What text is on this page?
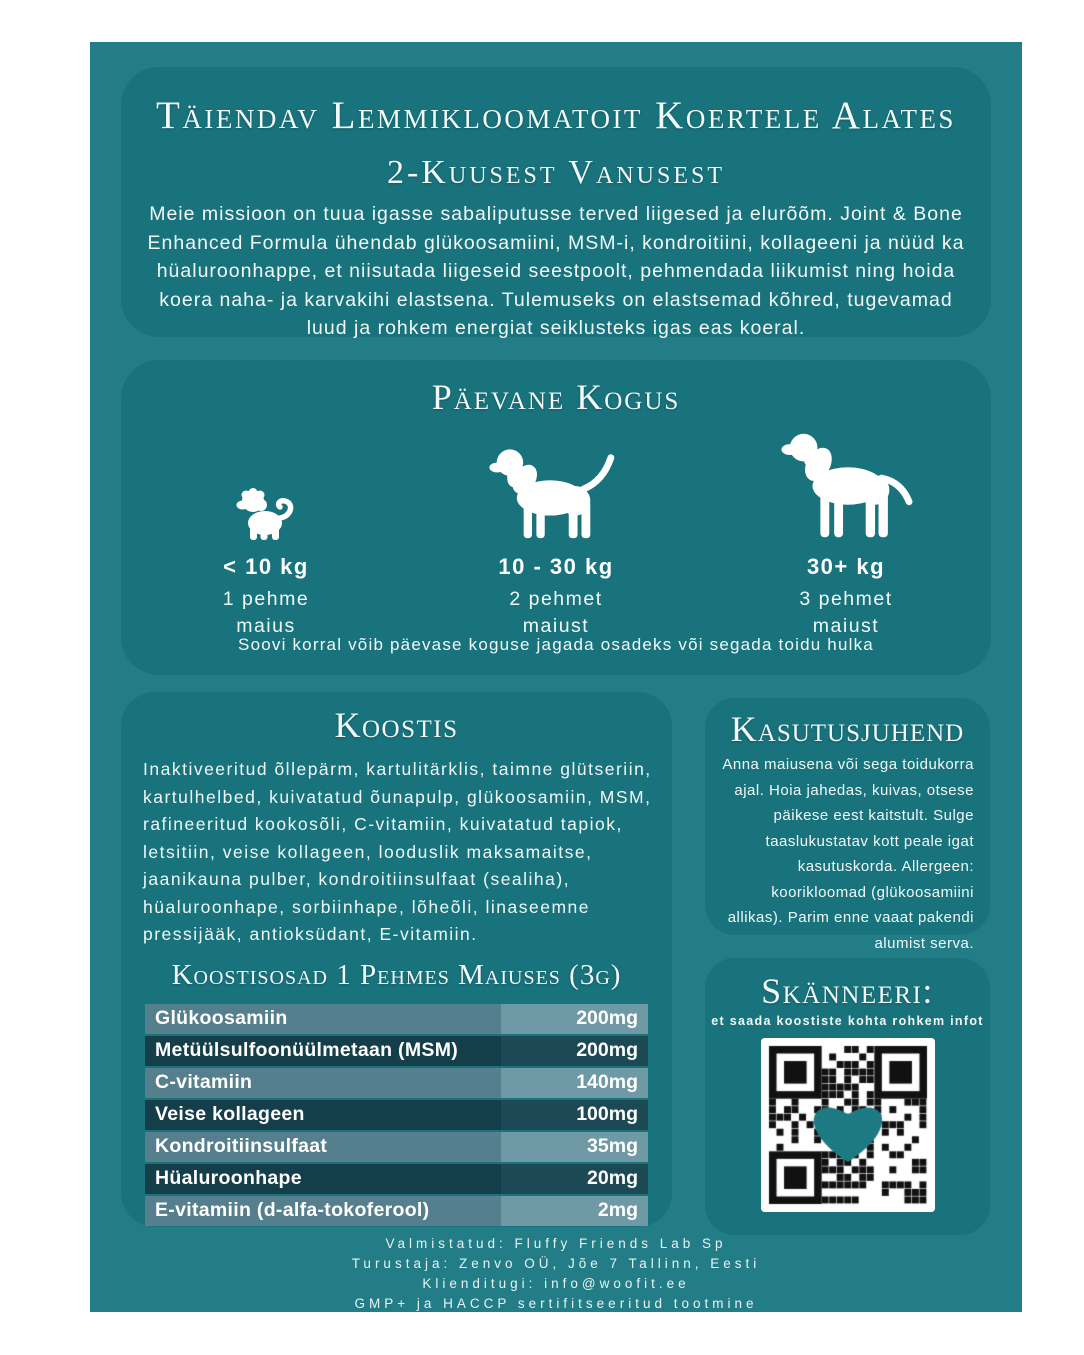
Täiendav Lemmikloomatoit Koertele Alates
2-Kuusest Vanusest

Meie missioon on tuua igasse sabaliputusse terved liigesed ja elurõõm. Joint & Bone Enhanced Formula ühendab glükoosamiini, MSM-i, kondroitiini, kollageeni ja nüüd ka hüaluroonhappe, et niisutada liigeseid seestpoolt, pehmendada liikumist ning hoida koera naha- ja karvakihi elastsena. Tulemuseks on elastsemad kõhred, tugevamad luud ja rohkem energiat seiklusteks igas eas koeral.

Päevane Kogus
< 10 kg
1 pehme
maius
10 - 30 kg
2 pehmet
maiust
30+ kg
3 pehmet
maiust

Soovi korral võib päevase koguse jagada osadeks või segada toidu hulka

Koostis

Inaktiveeritud õllepärm, kartulitärklis, taimne glütseriin, kartulhelbed, kuivatatud õunapulp, glükoosamiin, MSM, rafineeritud kookosõli, C-vitamiin, kuivatatud tapiok, letsitiin, veise kollageen, looduslik maksamaitse, jaanikauna pulber, kondroitiinsulfaat (sealiha), hüaluroonhape, sorbiinhape, lõheõli, linaseemne pressijääk, antioksüdant, E-vitamiin.

Koostisosad 1 Pehmes Maiuses (3g)
Glükoosamiin	200mg
Metüülsulfoonüülmetaan (MSM)	200mg
C-vitamiin	140mg
Veise kollageen	100mg
Kondroitiinsulfaat	35mg
Hüaluroonhape	20mg
E-vitamiin (d-alfa-tokoferool)	2mg
Kasutusjuhend

Anna maiusena või sega toidukorra ajal. Hoia jahedas, kuivas, otsese päikese eest kaitstult. Sulge taaslukustatav kott peale igat kasutuskorda. Allergeen: koorikloomad (glükoosamiini allikas). Parim enne vaaat pakendi alumist serva.

Skänneeri:

et saada koostiste kohta rohkem infot

Valmistatud: Fluffy Friends Lab Sp
Turustaja: Zenvo OÜ, Jõe 7 Tallinn, Eesti
Klienditugi: info@woofit.ee
GMP+ ja HACCP sertifitseeritud tootmine
